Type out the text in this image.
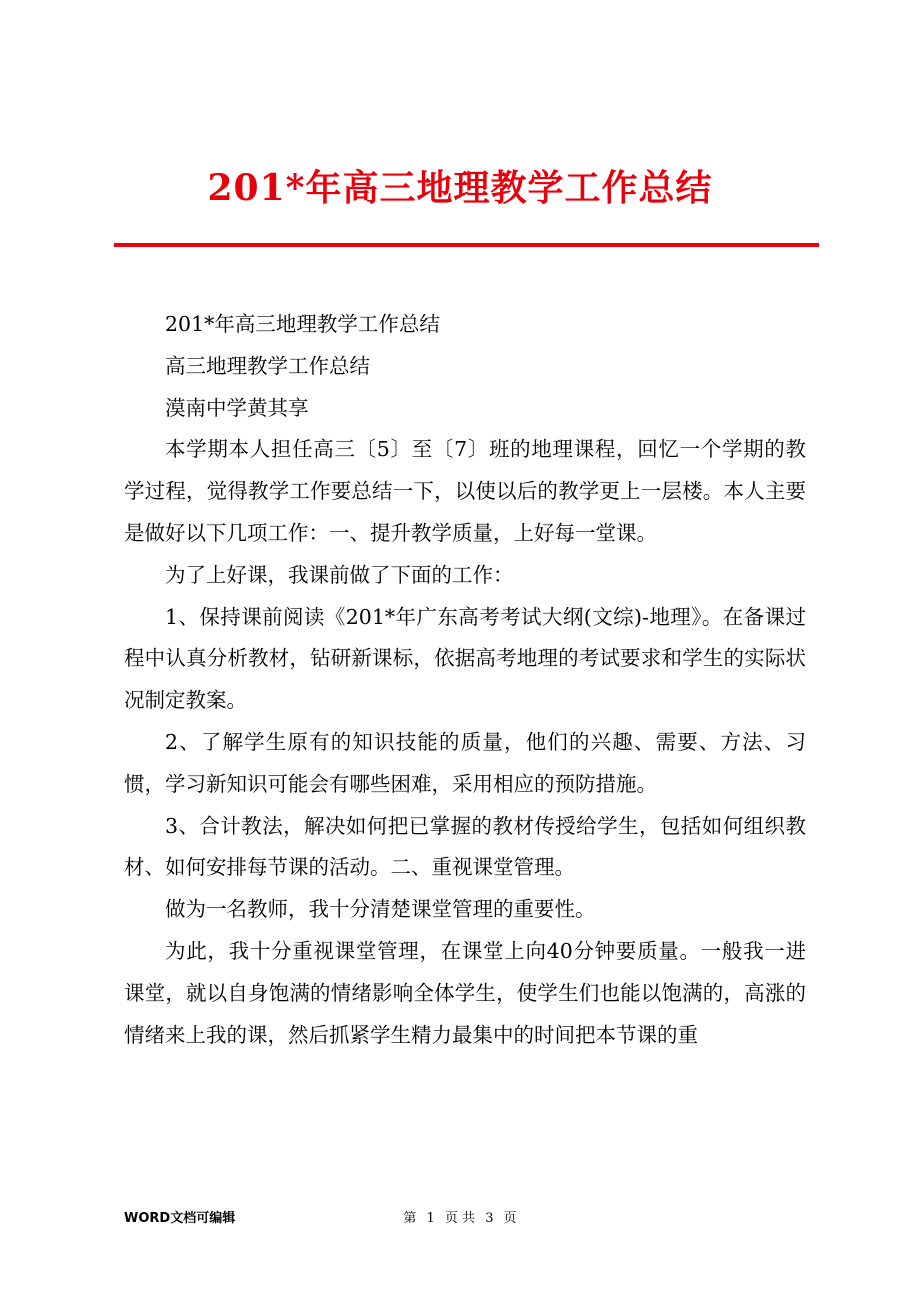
201*年高三地理教学工作总结

201*年高三地理教学工作总结

高三地理教学工作总结

漠南中学黄其享

本学期本人担任高三〔5〕至〔7〕班的地理课程，回忆一个学期的教学过程，觉得教学工作要总结一下，以使以后的教学更上一层楼。本人主要是做好以下几项工作：一、提升教学质量，上好每一堂课。

为了上好课，我课前做了下面的工作：

1、保持课前阅读《201*年广东高考考试大纲(文综)-地理》。在备课过程中认真分析教材，钻研新课标，依据高考地理的考试要求和学生的实际状况制定教案。

2、了解学生原有的知识技能的质量，他们的兴趣、需要、方法、习惯，学习新知识可能会有哪些困难，采用相应的预防措施。

3、合计教法，解决如何把已掌握的教材传授给学生，包括如何组织教材、如何安排每节课的活动。二、重视课堂管理。

做为一名教师，我十分清楚课堂管理的重要性。

为此，我十分重视课堂管理，在课堂上向40分钟要质量。一般我一进课堂，就以自身饱满的情绪影响全体学生，使学生们也能以饱满的，高涨的情绪来上我的课，然后抓紧学生精力最集中的时间把本节课的重

WORD文档可编辑	第 1 页 共 3 页
